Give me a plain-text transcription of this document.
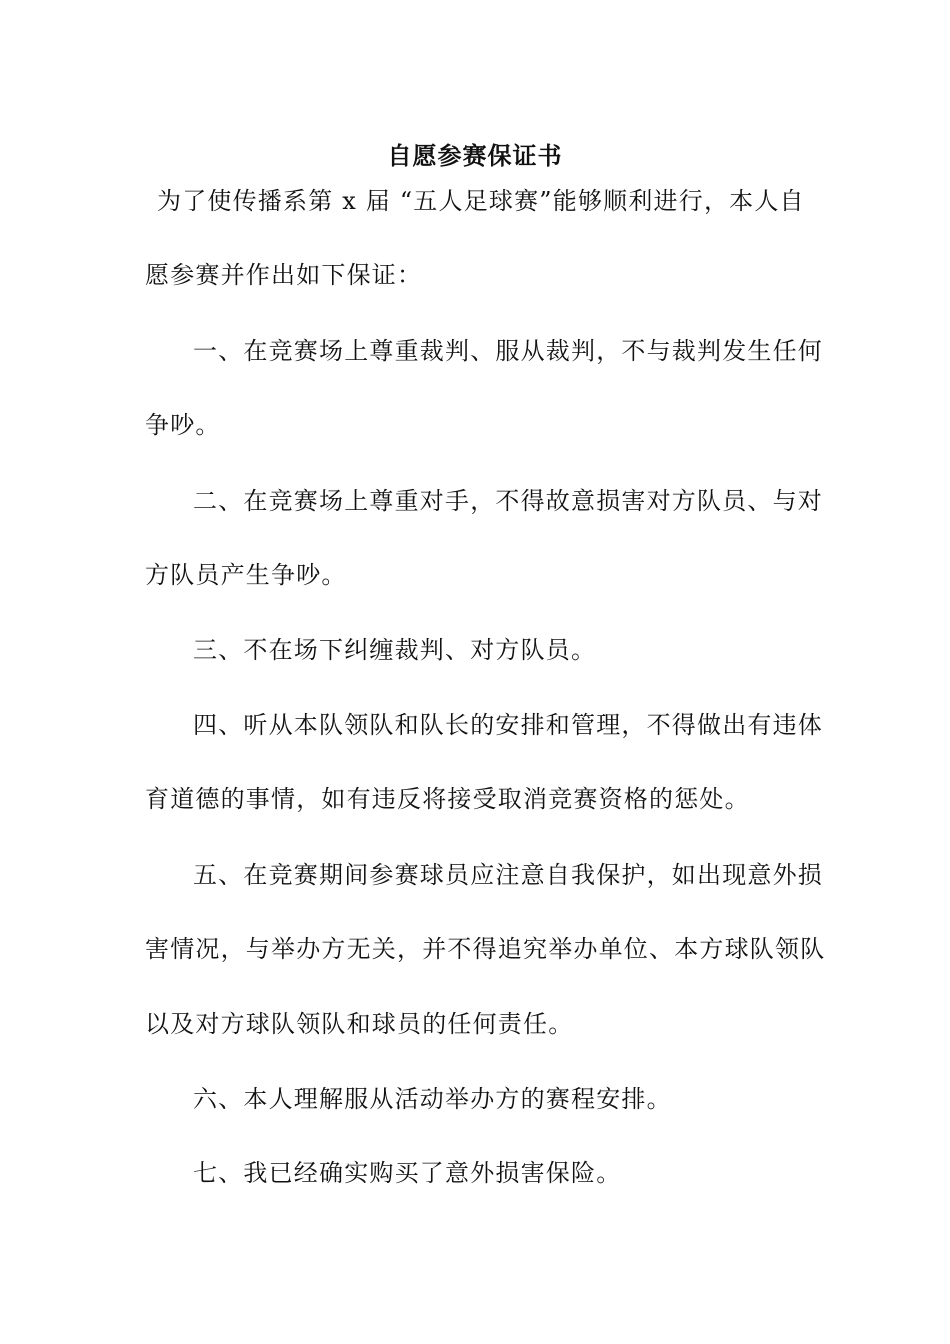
自愿参赛保证书
为了使传播系第 x 届 “五人足球赛”能够顺利进行，本人自
愿参赛并作出如下保证：
一、在竞赛场上尊重裁判、服从裁判，不与裁判发生任何
争吵。
二、在竞赛场上尊重对手，不得故意损害对方队员、与对
方队员产生争吵。
三、不在场下纠缠裁判、对方队员。
四、听从本队领队和队长的安排和管理，不得做出有违体
育道德的事情，如有违反将接受取消竞赛资格的惩处。
五、在竞赛期间参赛球员应注意自我保护，如出现意外损
害情况，与举办方无关，并不得追究举办单位、本方球队领队
以及对方球队领队和球员的任何责任。
六、本人理解服从活动举办方的赛程安排。
七、我已经确实购买了意外损害保险。
